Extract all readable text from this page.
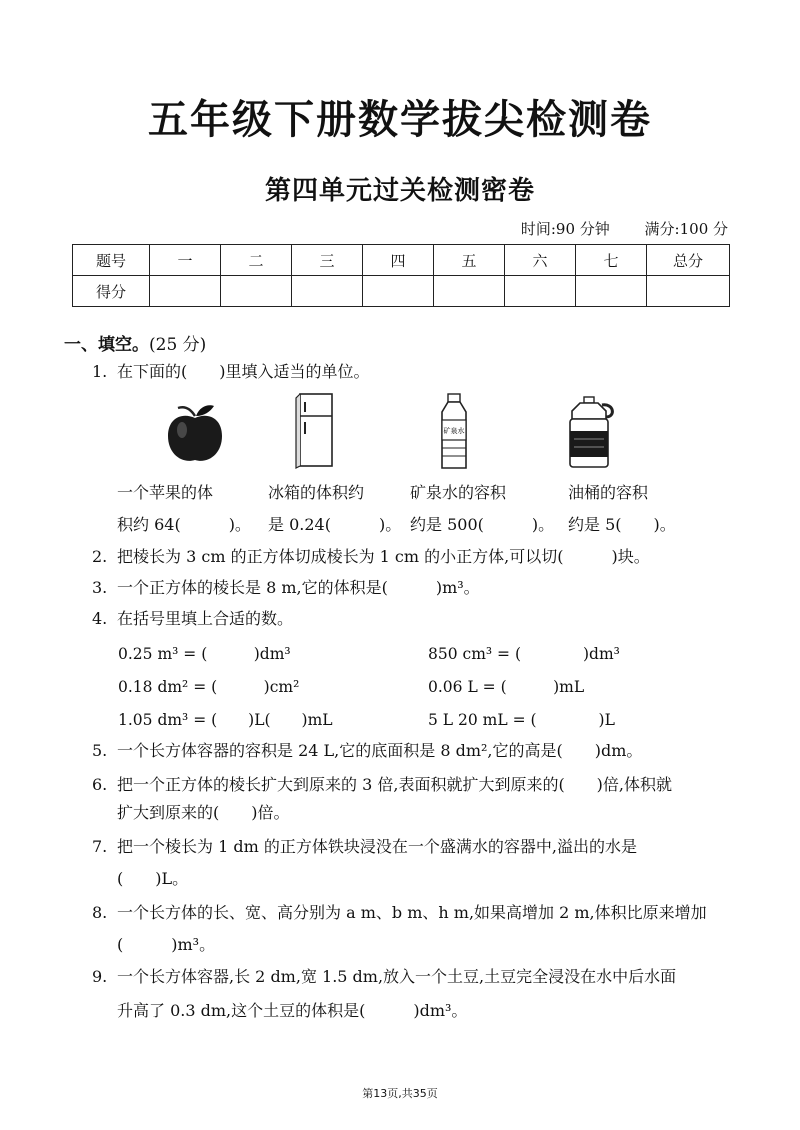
五年级下册数学拔尖检测卷
第四单元过关检测密卷
时间:90 分钟 满分:100 分
题号	一	二	三	四	五	六	七	总分
得分								
一、填空。(25 分)
1. 在下面的(　　)里填入适当的单位。
矿泉水
一个苹果的体	冰箱的体积约	矿泉水的容积	油桶的容积
积约 64(　　　)。 是 0.24(　　　)。 约是 500(　　　)。 约是 5(　　)。
2. 把棱长为 3 cm 的正方体切成棱长为 1 cm 的小正方体,可以切(　　　)块。
3. 一个正方体的棱长是 8 m,它的体积是(　　　)m³。
4. 在括号里填上合适的数。
0.25 m³ = (　　　)dm³	850 cm³ = (　　　　)dm³
0.18 dm² = (　　　)cm²	0.06 L = (　　　)mL
1.05 dm³ = (　　)L(　　)mL	5 L 20 mL = (　　　　)L
5. 一个长方体容器的容积是 24 L,它的底面积是 8 dm²,它的高是(　　)dm。
6. 把一个正方体的棱长扩大到原来的 3 倍,表面积就扩大到原来的(　　)倍,体积就
扩大到原来的(　　)倍。
7. 把一个棱长为 1 dm 的正方体铁块浸没在一个盛满水的容器中,溢出的水是
(　　)L。
8. 一个长方体的长、宽、高分别为 a m、b m、h m,如果高增加 2 m,体积比原来增加
(　　　)m³。
9. 一个长方体容器,长 2 dm,宽 1.5 dm,放入一个土豆,土豆完全浸没在水中后水面
升高了 0.3 dm,这个土豆的体积是(　　　)dm³。
第13页,共35页
